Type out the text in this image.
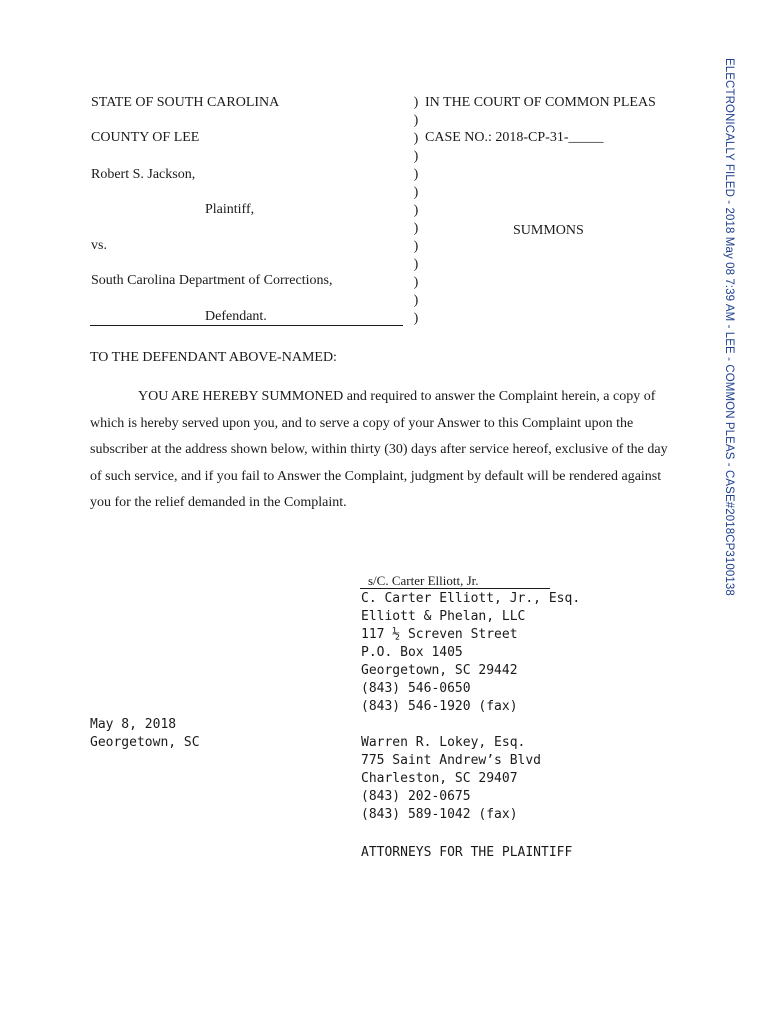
STATE OF SOUTH CAROLINA
COUNTY OF LEE
Robert S. Jackson,
Plaintiff,
vs.
South Carolina Department of Corrections,
Defendant.
)
)
)
)
)
)
)
)
)
)
)
)
)
IN THE COURT OF COMMON PLEAS
CASE NO.: 2018-CP-31-_____
SUMMONS
TO THE DEFENDANT ABOVE-NAMED:
YOU ARE HEREBY SUMMONED and required to answer the Complaint herein, a copy of which is hereby served upon you, and to serve a copy of your Answer to this Complaint upon the subscriber at the address shown below, within thirty (30) days after service hereof, exclusive of the day of such service, and if you fail to Answer the Complaint, judgment by default will be rendered against you for the relief demanded in the Complaint.
s/C. Carter Elliott, Jr.
C. Carter Elliott, Jr., Esq.
Elliott & Phelan, LLC
117 ½ Screven Street
P.O. Box 1405
Georgetown, SC 29442
(843) 546-0650
(843) 546-1920 (fax)
May 8, 2018
Georgetown, SC	Warren R. Lokey, Esq.
775 Saint Andrew’s Blvd
Charleston, SC 29407
(843) 202-0675
(843) 589-1042 (fax)
ATTORNEYS FOR THE PLAINTIFF
ELECTRONICALLY FILED - 2018 May 08 7:39 AM - LEE - COMMON PLEAS - CASE#2018CP3100138
